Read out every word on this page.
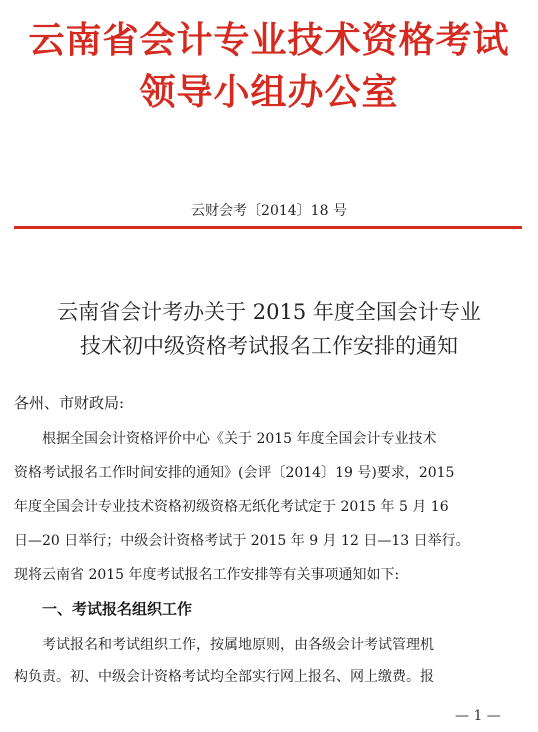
云南省会计专业技术资格考试
领导小组办公室
云财会考〔2014〕18 号
云南省会计考办关于 2015 年度全国会计专业
技术初中级资格考试报名工作安排的通知
各州、市财政局:
根据全国会计资格评价中心《关于 2015 年度全国会计专业技术
资格考试报名工作时间安排的通知》(会评〔2014〕19 号)要求，2015
年度全国会计专业技术资格初级资格无纸化考试定于 2015 年 5 月 16
日—20 日举行；中级会计资格考试于 2015 年 9 月 12 日—13 日举行。
现将云南省 2015 年度考试报名工作安排等有关事项通知如下:
一、考试报名组织工作
考试报名和考试组织工作，按属地原则，由各级会计考试管理机
构负责。初、中级会计资格考试均全部实行网上报名、网上缴费。报
— 1 —
